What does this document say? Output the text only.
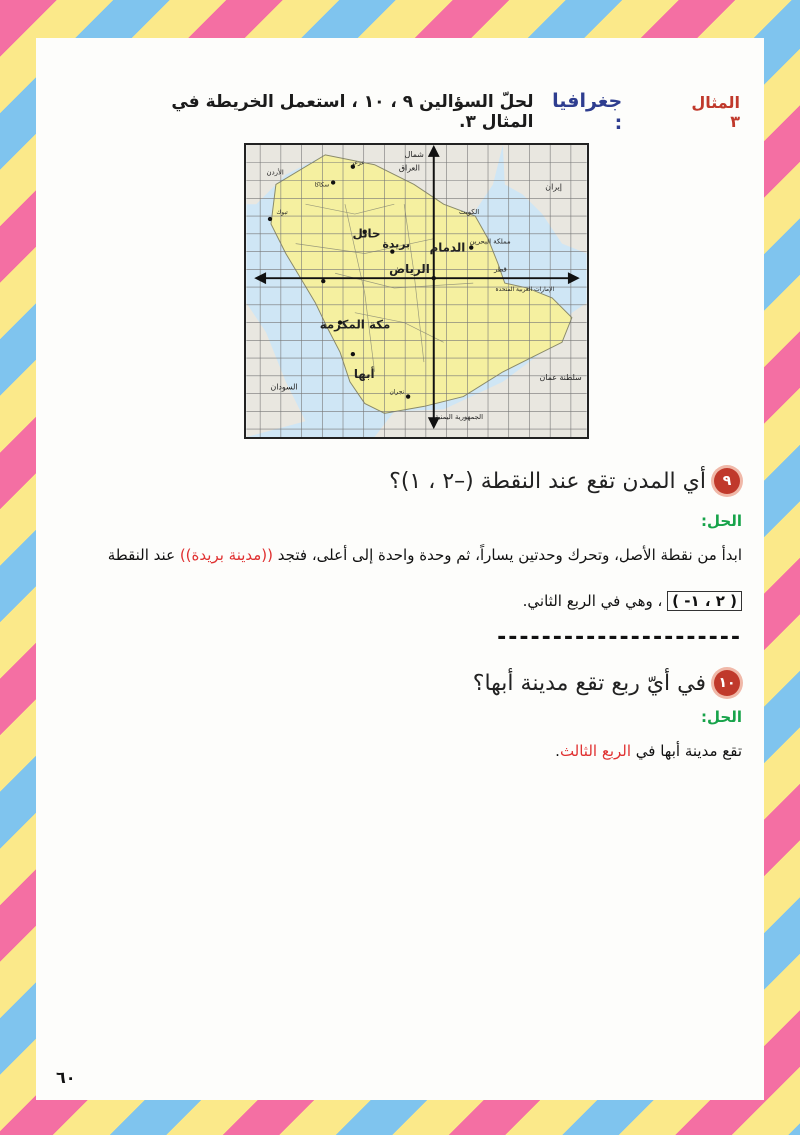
المثال ٣
جغرافيا :
لحلّ السؤالين ٩ ، ١٠ ، استعمل الخريطة في المثال ٣.
شمال
العراق
الأردن
إيران
الكويت
مملكة البحرين
قطر
الإمارات العربية المتحدة
سلطنة عمان
السودان
الجمهورية اليمنية
حائل
بريدة
الرياض
الدمام
مكة المكرمة
أبها
تبوك
سكاكا
عرعر
نجران
٩
أي المدن تقع عند النقطة (–٢ ، ١)؟
الحل:
ابدأ من نقطة الأصل، وتحرك وحدتين يساراً، ثم وحدة واحدة إلى أعلى، فتجد ((مدينة بريدة)) عند النقطة
( -٢ ، ١ ) ، وهي في الربع الثاني.
----------------------
١٠
في أيّ ربع تقع مدينة أبها؟
الحل:
تقع مدينة أبها في الربع الثالث.
٦٠
